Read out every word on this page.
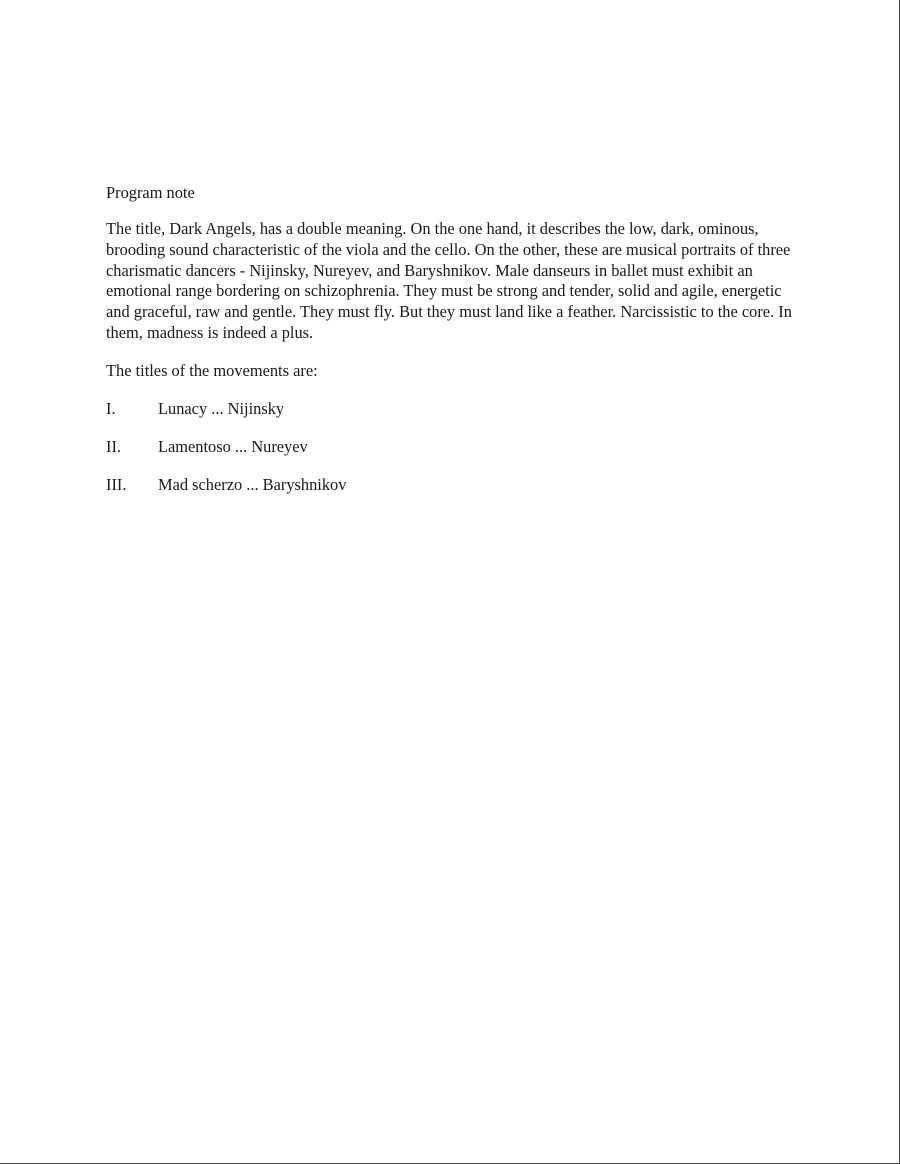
Program note

The title, Dark Angels, has a double meaning. On the one hand, it describes the low, dark, ominous, brooding sound characteristic of the viola and the cello. On the other, these are musical portraits of three charismatic dancers - Nijinsky, Nureyev, and Baryshnikov. Male danseurs in ballet must exhibit an emotional range bordering on schizophrenia. They must be strong and tender, solid and agile, energetic and graceful, raw and gentle. They must fly. But they must land like a feather. Narcissistic to the core. In them, madness is indeed a plus.

The titles of the movements are:

I.	Lunacy ... Nijinsky
II.	Lamentoso ... Nureyev
III.	Mad scherzo ... Baryshnikov
